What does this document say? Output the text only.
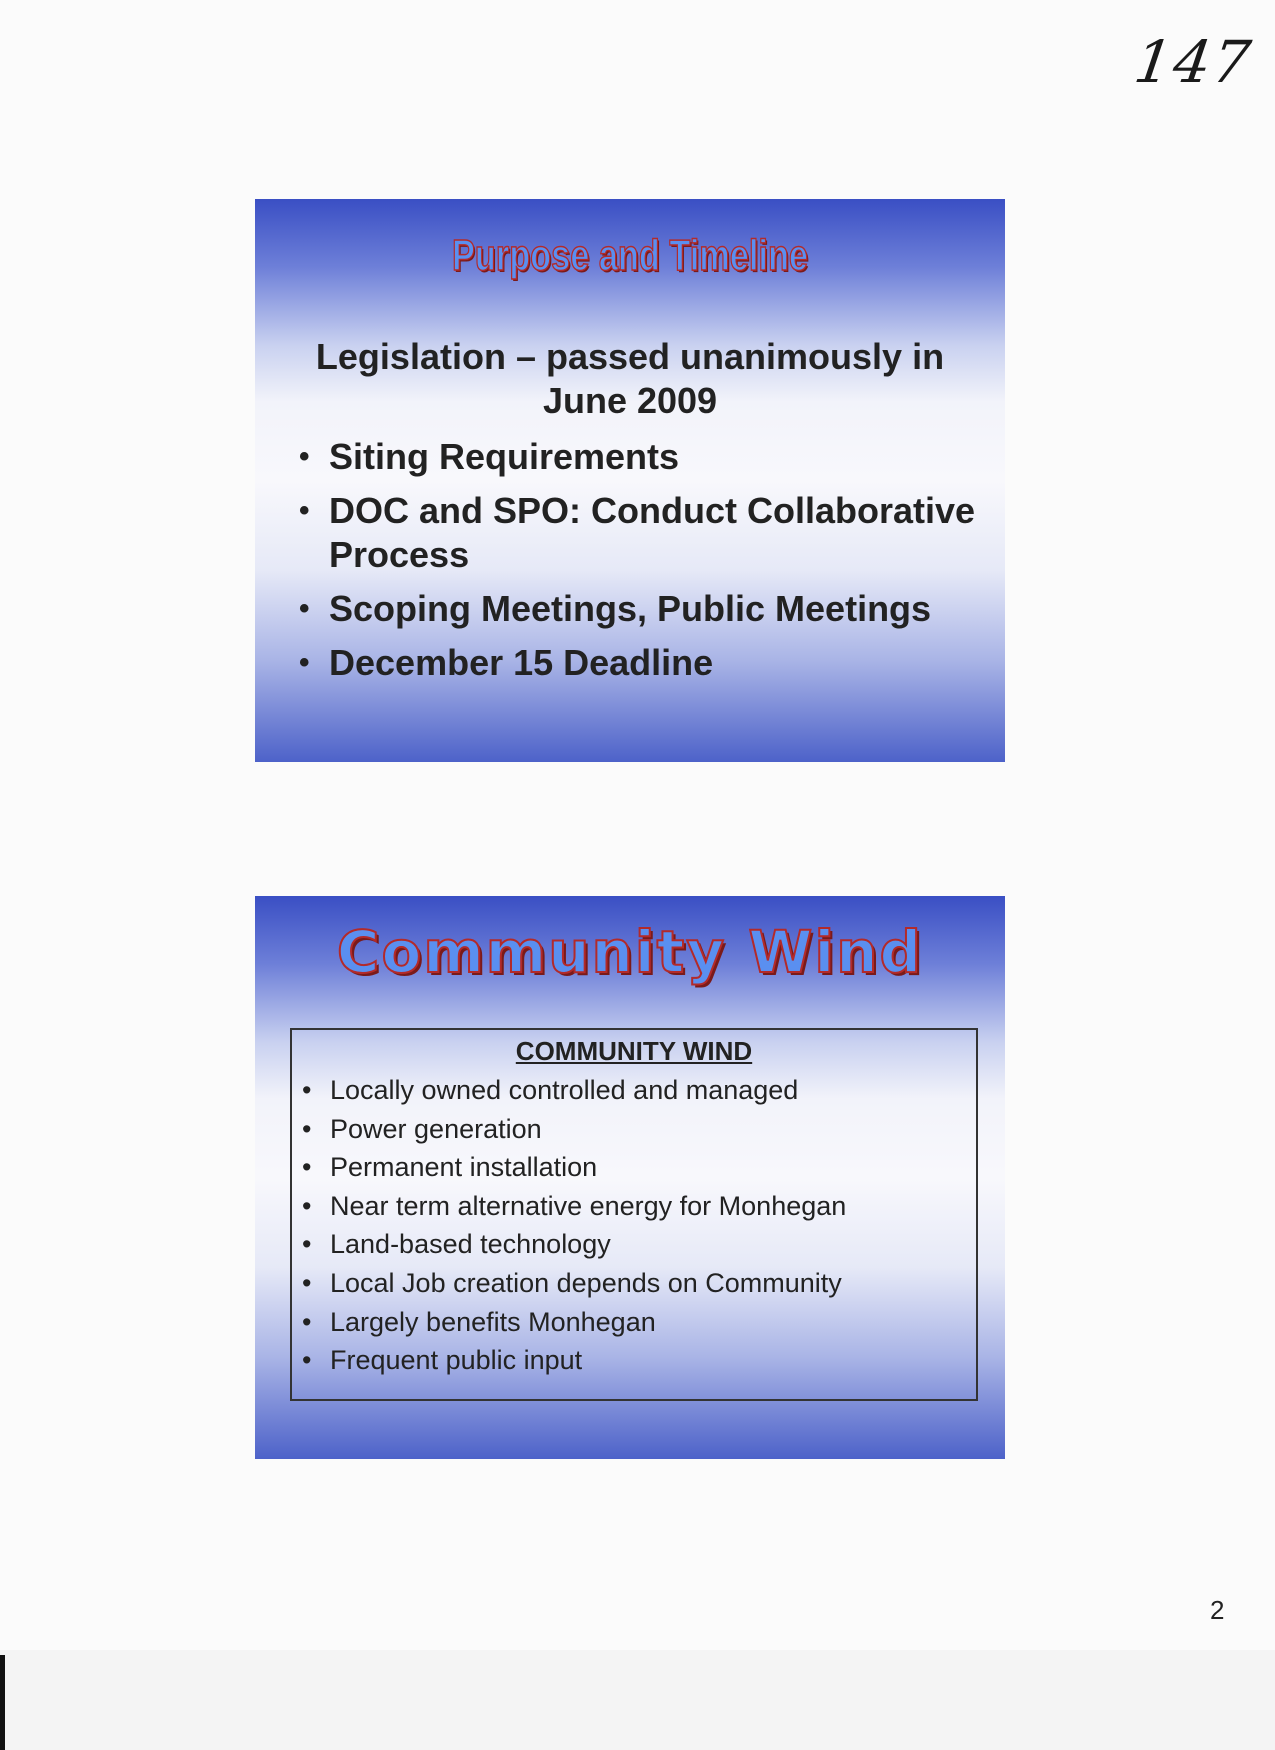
147
Purpose and Timeline
Legislation – passed unanimously in June 2009
• Siting Requirements
• DOC and SPO: Conduct Collaborative Process
• Scoping Meetings, Public Meetings
• December 15 Deadline
Community Wind
COMMUNITY WIND
• Locally owned controlled and managed
• Power generation
• Permanent installation
• Near term alternative energy for Monhegan
• Land-based technology
• Local Job creation depends on Community
• Largely benefits Monhegan
• Frequent public input
2
